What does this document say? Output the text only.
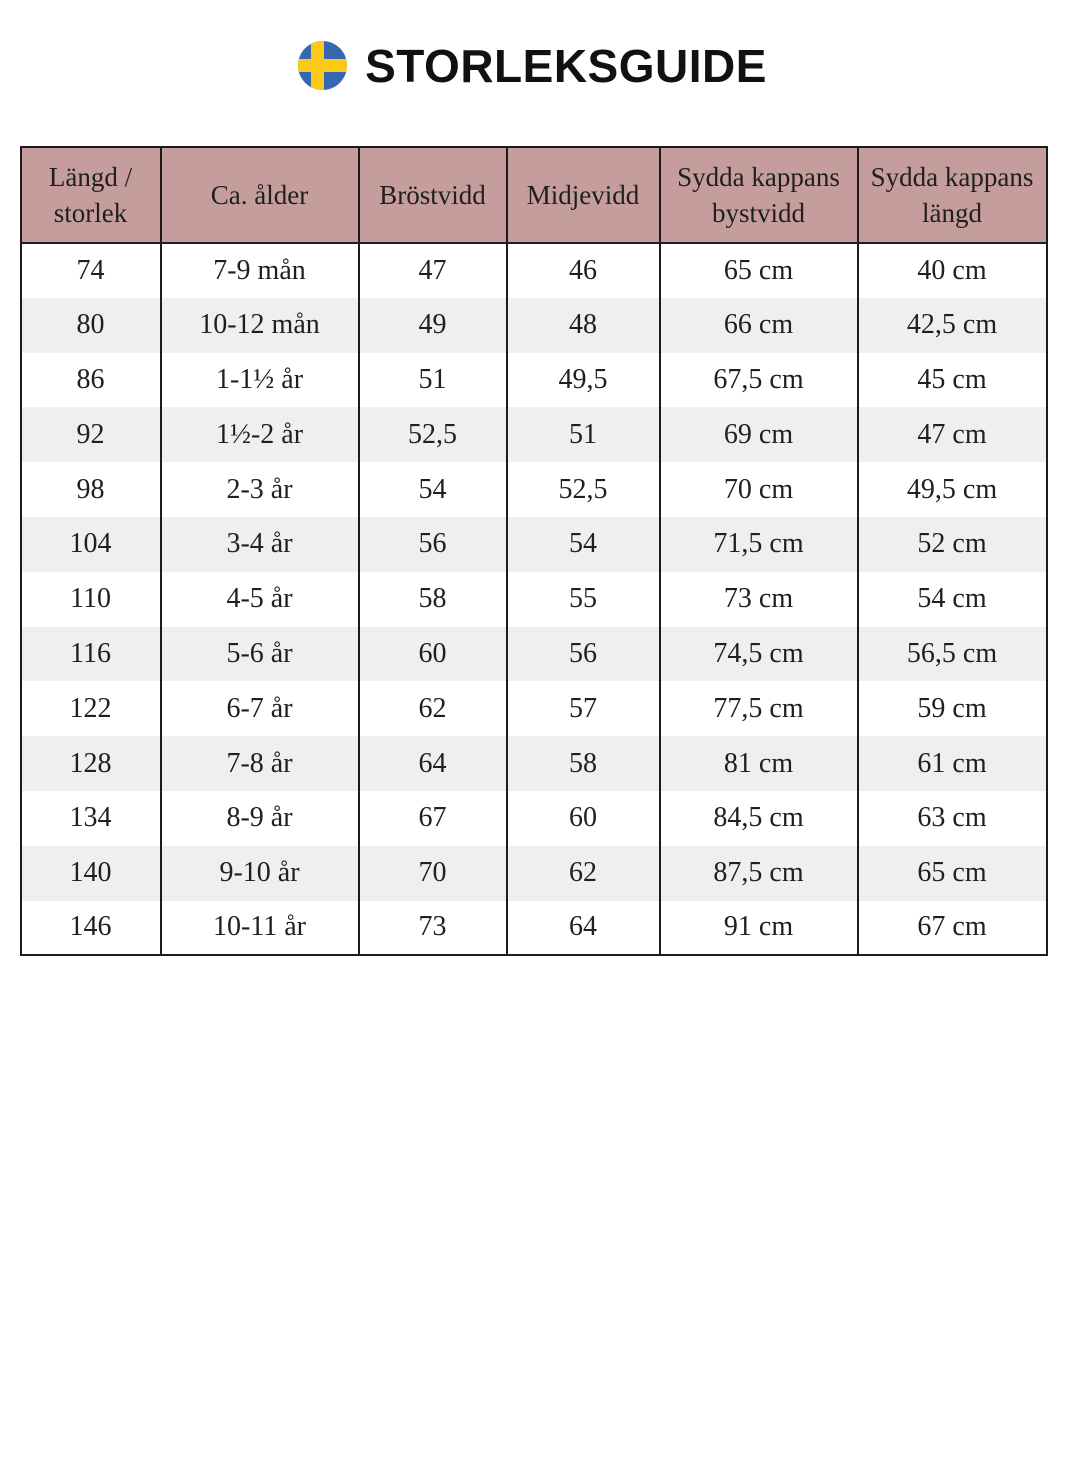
STORLEKSGUIDE
Längd / storlek	Ca. ålder	Bröstvidd	Midjevidd	Sydda kappans bystvidd	Sydda kappans längd
74	7-9 mån	47	46	65 cm	40 cm
80	10-12 mån	49	48	66 cm	42,5 cm
86	1-1½ år	51	49,5	67,5 cm	45 cm
92	1½-2 år	52,5	51	69 cm	47 cm
98	2-3 år	54	52,5	70 cm	49,5 cm
104	3-4 år	56	54	71,5 cm	52 cm
110	4-5 år	58	55	73 cm	54 cm
116	5-6 år	60	56	74,5 cm	56,5 cm
122	6-7 år	62	57	77,5 cm	59 cm
128	7-8 år	64	58	81 cm	61 cm
134	8-9 år	67	60	84,5 cm	63 cm
140	9-10 år	70	62	87,5 cm	65 cm
146	10-11 år	73	64	91 cm	67 cm
